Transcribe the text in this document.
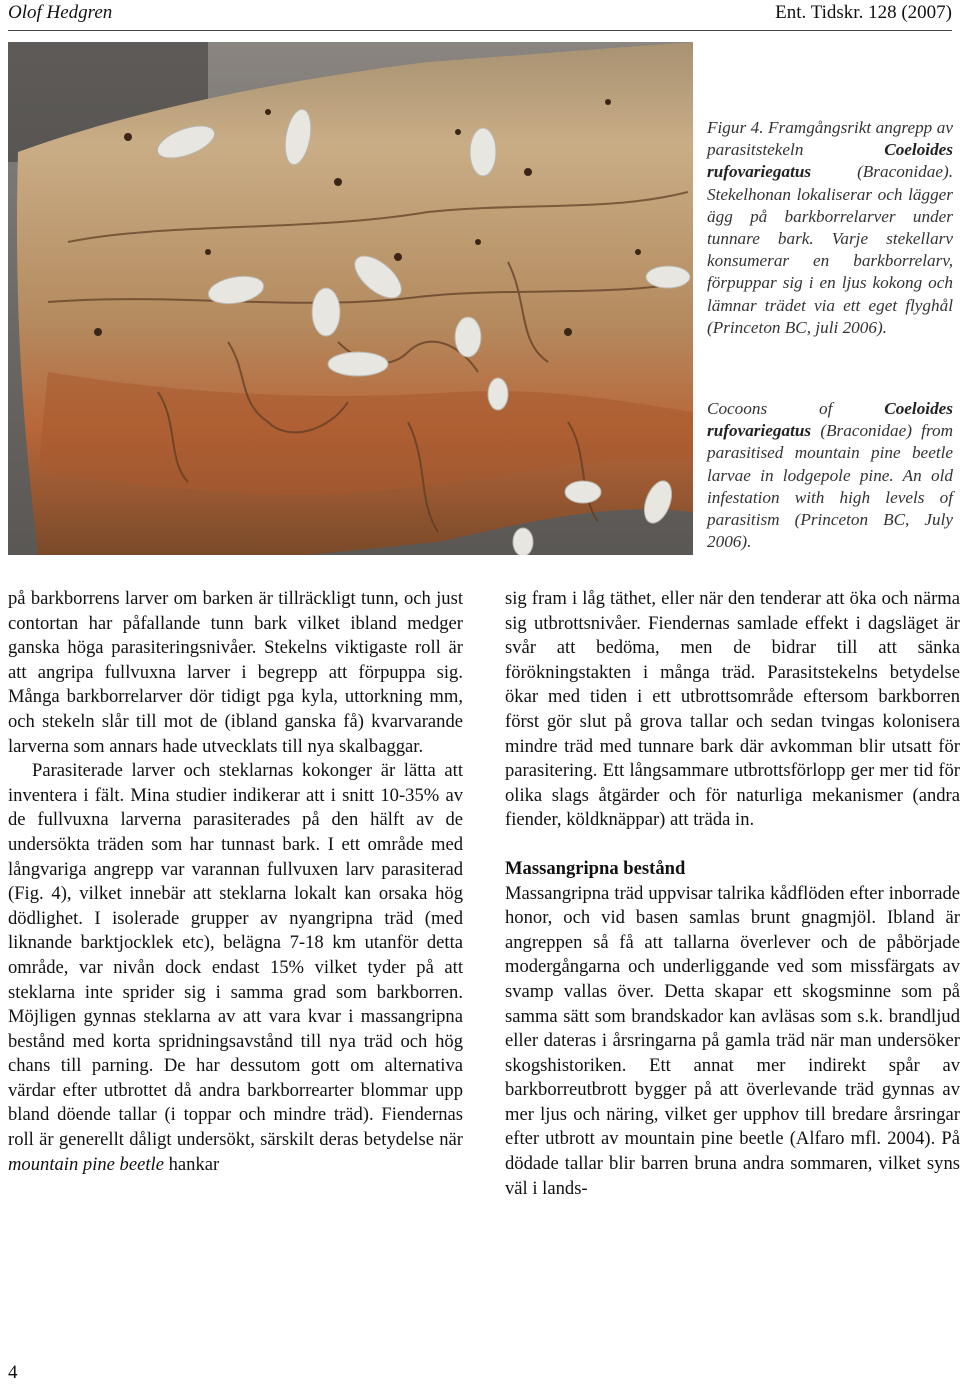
Olof Hedgren	Ent. Tidskr. 128 (2007)
Figur 4. Framgångsrikt angrepp av parasitstekeln	Coeloides rufovariegatus	(Braconidae). Stekelhonan lokaliserar och lägger ägg på barkborrelarver under tunnare bark. Varje stekellarv konsumerar en barkborrelarv, förpuppar sig i en ljus kokong och lämnar trädet via ett eget flyghål (Princeton BC, juli 2006).
Cocoons of	Coeloides rufovariegatus (Braconidae) from parasitised mountain pine beetle larvae in lodgepole pine. An old infestation with high levels of parasitism (Princeton BC, July 2006).

på barkborrens larver om barken är tillräckligt tunn, och just contortan har påfallande tunn bark vilket ibland medger ganska höga parasiteringsnivåer. Stekelns viktigaste roll är att angripa fullvuxna larver i begrepp att förpuppa sig. Många barkborrelarver dör tidigt pga kyla, uttorkning mm, och stekeln slår till mot de (ibland ganska få) kvarvarande larverna som annars hade utvecklats till nya skalbaggar.

Parasiterade larver och steklarnas kokonger är lätta att inventera i fält. Mina studier indikerar att i snitt 10-35% av de fullvuxna larverna parasiterades på den hälft av de undersökta träden som har tunnast bark. I ett område med långvariga angrepp var varannan fullvuxen larv parasiterad (Fig. 4), vilket innebär att steklarna lokalt kan orsaka hög dödlighet. I isolerade grupper av nyangripna träd (med liknande barktjocklek etc), belägna 7-18 km utanför detta område, var nivån dock endast 15% vilket tyder på att steklarna inte sprider sig i samma grad som barkborren. Möjligen gynnas steklarna av att vara kvar i massangripna bestånd med korta spridningsavstånd till nya träd och hög chans till parning. De har dessutom gott om alternativa värdar efter utbrottet då andra barkborrearter blommar upp bland döende tallar (i toppar och mindre träd). Fiendernas roll är generellt dåligt undersökt, särskilt deras betydelse när mountain pine beetle hankar

sig fram i låg täthet, eller när den tenderar att öka och närma sig utbrottsnivåer. Fiendernas samlade effekt i dagsläget är svår att bedöma, men de bidrar till att sänka förökningstakten i många träd. Parasitstekelns betydelse ökar med tiden i ett utbrottsområde eftersom barkborren först gör slut på grova tallar och sedan tvingas kolonisera mindre träd med tunnare bark där avkomman blir utsatt för parasitering. Ett långsammare utbrottsförlopp ger mer tid för olika slags åtgärder och för naturliga mekanismer (andra fiender, köldknäppar) att träda in.

Massangripna bestånd

Massangripna träd uppvisar talrika kådflöden efter inborrade honor, och vid basen samlas brunt gnagmjöl. Ibland är angreppen så få att tallarna överlever och de påbörjade modergångarna och underliggande ved som missfärgats av svamp vallas över. Detta skapar ett skogsminne som på samma sätt som brandskador kan avläsas som s.k. brandljud eller dateras i årsringarna på gamla träd när man undersöker skogshistoriken. Ett annat mer indirekt spår av barkborreutbrott bygger på att överlevande träd gynnas av mer ljus och näring, vilket ger upphov till bredare årsringar efter utbrott av mountain pine beetle (Alfaro mfl. 2004). På dödade tallar blir barren bruna andra sommaren, vilket syns väl i lands-

4
